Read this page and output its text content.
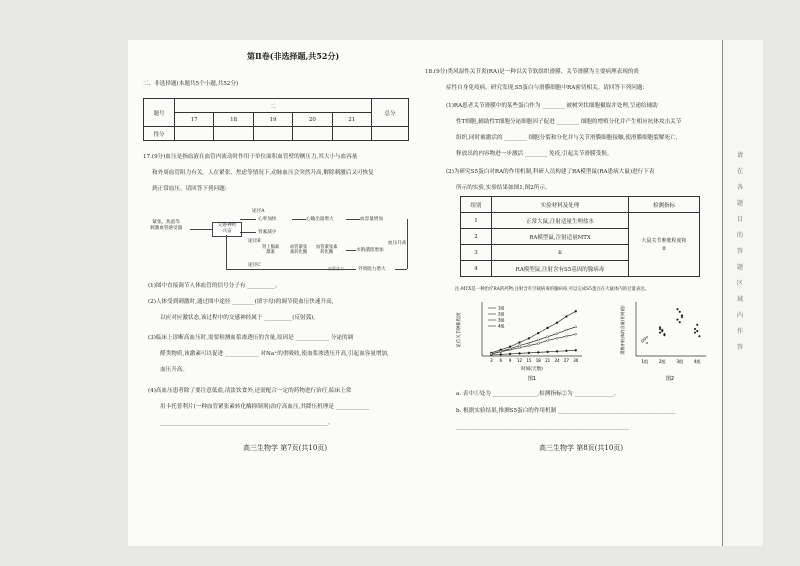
第Ⅱ卷(非选择题,共52分)
二、非选择题(本题共5个小题,共52分)
题号	二					总分
	17	18	19	20	21	
得分						
17.(9分)血压是指血液在血管内流动时作用于单位面积血管壁的侧压力,其大小与血容量
和外周血管阻力有关。人在紧张、焦虑等情况下,动脉血压会突然升高,解除刺激后又可恢复
到正常血压。请回答下列问题:
紧张、焦虑等
刺激血管感受器
交感神经
兴奋
途径A
心率加快	心输出量增大	血容量增加
血压升高
肾素减少
途径B
肾上腺素
激素
血管紧张
素转化酶
血管紧张素
转化酶	水钠潴留增加
途径C
外周阻力增大
血管张力
(1)图中直接调节人体血管的信号分子有 __________。
(2)人体受到刺激时,通过图中途径 ________(填字母)的调节使血压快速升高,
以应对应激状态,该过程中的交感神经属于 __________(反射弧)。
(3)临床上诊断高血压时,需要检测血浆渗透压的含量,原因是 ____________ 分泌的调
醛类物质,该激素可以促进 ____________ 对Na⁺的重吸收,使血浆渗透压升高,引起血容量增加,
血压升高。
(4)高血压患者除了要注意低盐,清淡饮食外,还需配合一定的药物进行治疗,临床上常
用卡托普利片(一种血管紧张素转化酶抑制剂)治疗高血压,其降压机理是 ____________
____________________________________________________________。
高三生物学 第7页(共10页)
18.(9分)类风湿性关节炎(RA)是一种以关节软组织滑膜、关节滑膜为主要病理表现的炎
症性自身免疫病。研究发现,S5蛋白与滑膜细胞中RA密切相关。请回答下列问题:
(1)RA患者关节滑膜中的某些蛋白作为 ________ 被树突状细胞摄取并处理,呈递给辅助
性T细胞,辅助性T细胞分泌细胞因子促进 ________ 细胞的增殖分化并产生相应抗体攻击关节
组织,同时被激活的 ________ 细胞分裂和分化并与关节滑膜细胞接触,使滑膜细胞裂解死亡,
释放出的内容物进一步激活 ________ 免疫,引起关节滑膜受损。
(2)为研究S5蛋白对RA的作用机制,科研人员构建了RA模型鼠(RA患病大鼠)进行下表
所示的实验,实验结果如图1,图2所示。
组别	实验材料及处理	检测指标
1	正常大鼠,注射适量生理盐水	大鼠关节肿胀程度和
②

2	RA模型鼠,注射适量MTX	
3	①	
4	RA模型鼠,注射含有S5基因的腺病毒	
注:MTX是一种治疗RA的药物;注射含有空载病毒的腺病毒,可以完成S5蛋白在大鼠体内的过量表达。
足爪关节肿胀程度
时间(天数)
图1
3 6 9 12 15 18 21 24 27 30
1组
2组
3组
4组	滑膜中抗体的含量(相对值)
图2
1组	2组	3组	4组
a. 表中①处为 ________________,检测指标②为 ______________。
b. 根据实验结果,推测S5蛋白的作用机制 __________________________________________
______________________________________________________________
高三生物学 第8页(共10页)
请
在
各
题
目
的
答
题
区
域
内
作
答
